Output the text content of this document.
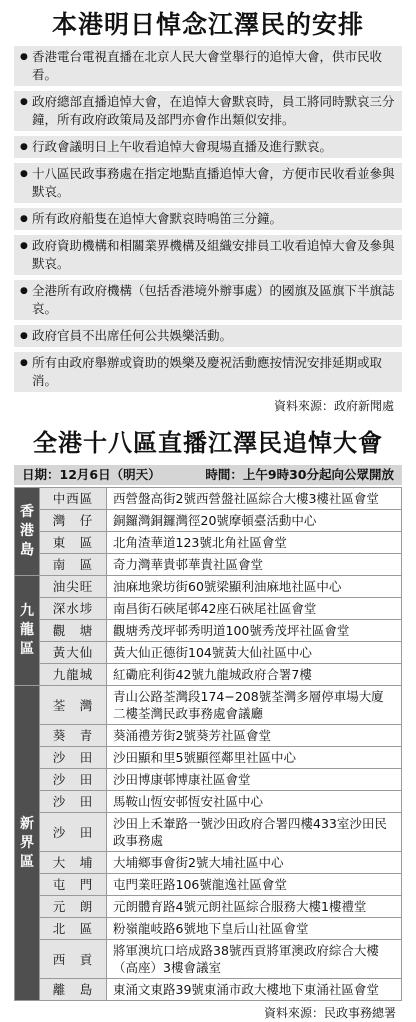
本港明日悼念江澤民的安排
● 香港電台電視直播在北京人民大會堂舉行的追悼大會，供市民收看。
● 政府總部直播追悼大會，在追悼大會默哀時，員工將同時默哀三分鐘，所有政府政策局及部門亦會作出類似安排。
● 行政會議明日上午收看追悼大會現場直播及進行默哀。
● 十八區民政事務處在指定地點直播追悼大會，方便市民收看並參與默哀。
● 所有政府船隻在追悼大會默哀時鳴笛三分鐘。
● 政府資助機構和相關業界機構及組織安排員工收看追悼大會及參與默哀。
● 全港所有政府機構（包括香港境外辦事處）的國旗及區旗下半旗誌哀。
● 政府官員不出席任何公共娛樂活動。
● 所有由政府舉辦或資助的娛樂及慶祝活動應按情況安排延期或取消。
資料來源：政府新聞處
全港十八區直播江澤民追悼大會
日期：12月6日（明天）	時間：上午9時30分起向公眾開放
香港島	中西區	西營盤高街2號西營盤社區綜合大樓3樓社區會堂
	灣　仔	銅鑼灣銅鑼灣徑20號摩頓臺活動中心
	東　區	北角渣華道123號北角社區會堂
	南　區	奇力灣華貴邨華貴社區會堂
九龍區	油尖旺	油麻地衆坊街60號梁顯利油麻地社區中心
	深水埗	南昌街石硤尾邨42座石硤尾社區會堂
	觀　塘	觀塘秀茂坪邨秀明道100號秀茂坪社區會堂
	黃大仙	黃大仙正德街104號黃大仙社區中心
	九龍城	紅磡庇利街42號九龍城政府合署7樓
新界區	荃　灣	青山公路荃灣段174−208號荃灣多層停車場大廈二樓荃灣民政事務處會議廳
	葵　青	葵涌禮芳街2號葵芳社區會堂
	沙　田	沙田顯和里5號顯徑鄰里社區中心
	沙　田	沙田博康邨博康社區會堂
	沙　田	馬鞍山恆安邨恆安社區中心
	沙　田	沙田上禾輋路一號沙田政府合署四樓433室沙田民政事務處
	大　埔	大埔鄉事會街2號大埔社區中心
	屯　門	屯門業旺路106號龍逸社區會堂
	元　朗	元朗體育路4號元朗社區綜合服務大樓1樓禮堂
	北　區	粉嶺龍岐路6號地下皇后山社區會堂
	西　貢	將軍澳坑口培成路38號西貢將軍澳政府綜合大樓（高座）3樓會議室
	離　島	東涌文東路39號東涌市政大樓地下東涌社區會堂
資料來源：民政事務總署
